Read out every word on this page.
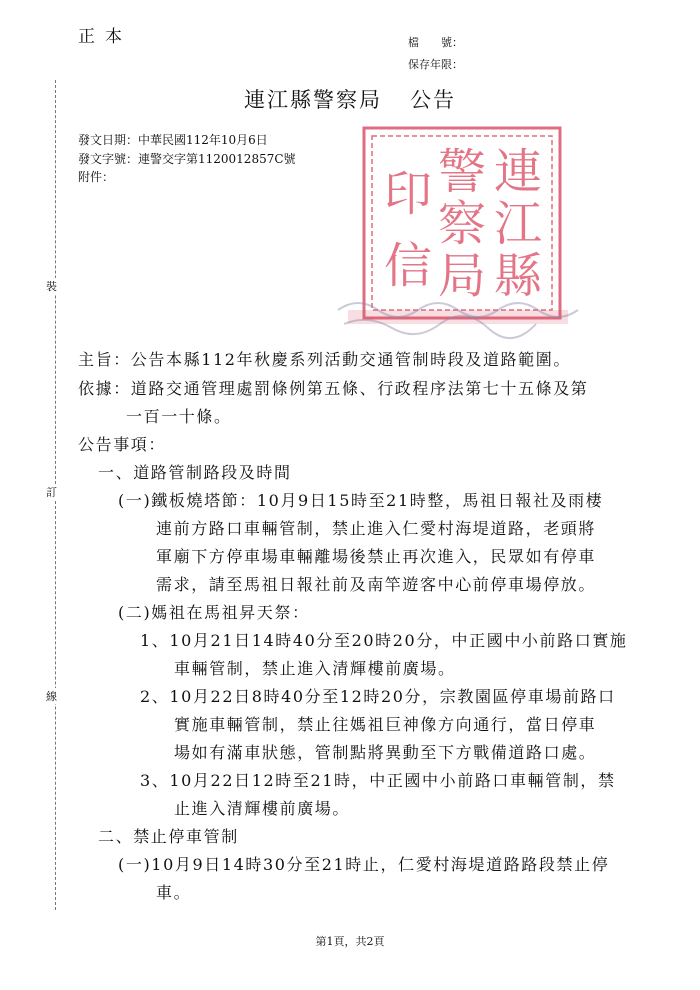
正本	檔　　號：
保存年限：
連江縣警察局 公告
發文日期：中華民國112年10月6日
發文字號：連警交字第1120012857C號
附件：
裝
訂
線
連
江
縣
警
察
局
印
信
主旨：公告本縣112年秋慶系列活動交通管制時段及道路範圍。
依據：道路交通管理處罰條例第五條、行政程序法第七十五條及第
一百一十條。
公告事項：
一、道路管制路段及時間
(一)鐵板燒塔節：10月9日15時至21時整，馬祖日報社及雨棲
連前方路口車輛管制，禁止進入仁愛村海堤道路，老頭將
軍廟下方停車場車輛離場後禁止再次進入，民眾如有停車
需求，請至馬祖日報社前及南竿遊客中心前停車場停放。
(二)媽祖在馬祖昇天祭：
1、10月21日14時40分至20時20分，中正國中小前路口實施
車輛管制，禁止進入清輝樓前廣場。
2、10月22日8時40分至12時20分，宗教園區停車場前路口
實施車輛管制，禁止往媽祖巨神像方向通行，當日停車
場如有滿車狀態，管制點將異動至下方戰備道路口處。
3、10月22日12時至21時，中正國中小前路口車輛管制，禁
止進入清輝樓前廣場。
二、禁止停車管制
(一)10月9日14時30分至21時止，仁愛村海堤道路路段禁止停
車。
第1頁，共2頁
